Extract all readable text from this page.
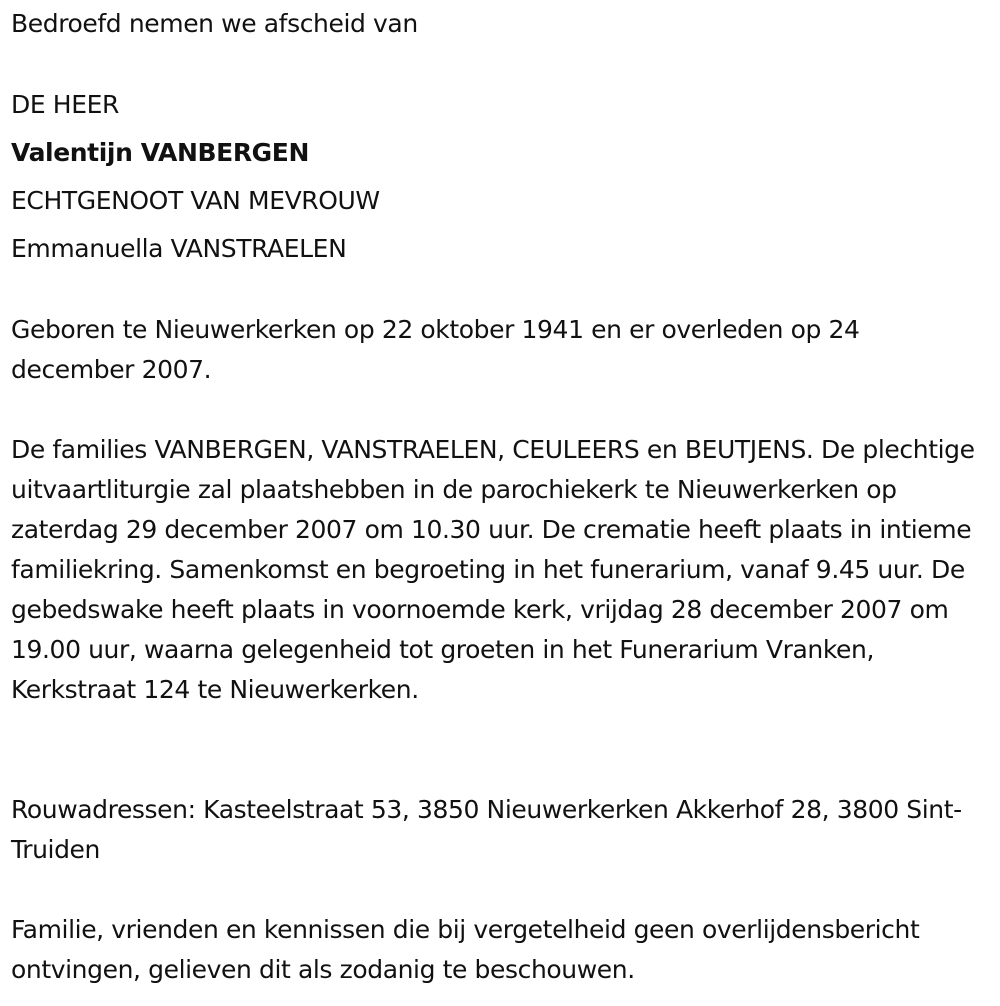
Bedroefd nemen we afscheid van
DE HEER
Valentijn VANBERGEN
ECHTGENOOT VAN MEVROUW
Emmanuella VANSTRAELEN

Geboren te Nieuwerkerken op 22 oktober 1941 en er overleden op 24 december 2007.

De families VANBERGEN, VANSTRAELEN, CEULEERS en BEUTJENS. De plechtige uitvaartliturgie zal plaatshebben in de parochiekerk te Nieuwerkerken op zaterdag 29 december 2007 om 10.30 uur. De crematie heeft plaats in intieme familiekring. Samenkomst en begroeting in het funerarium, vanaf 9.45 uur. De gebedswake heeft plaats in voornoemde kerk, vrijdag 28 december 2007 om 19.00 uur, waarna gelegenheid tot groeten in het Funerarium Vranken, Kerkstraat 124 te Nieuwerkerken.

Rouwadressen: Kasteelstraat 53, 3850 Nieuwerkerken Akkerhof 28, 3800 Sint-Truiden

Familie, vrienden en kennissen die bij vergetelheid geen overlijdensbericht ontvingen, gelieven dit als zodanig te beschouwen.
